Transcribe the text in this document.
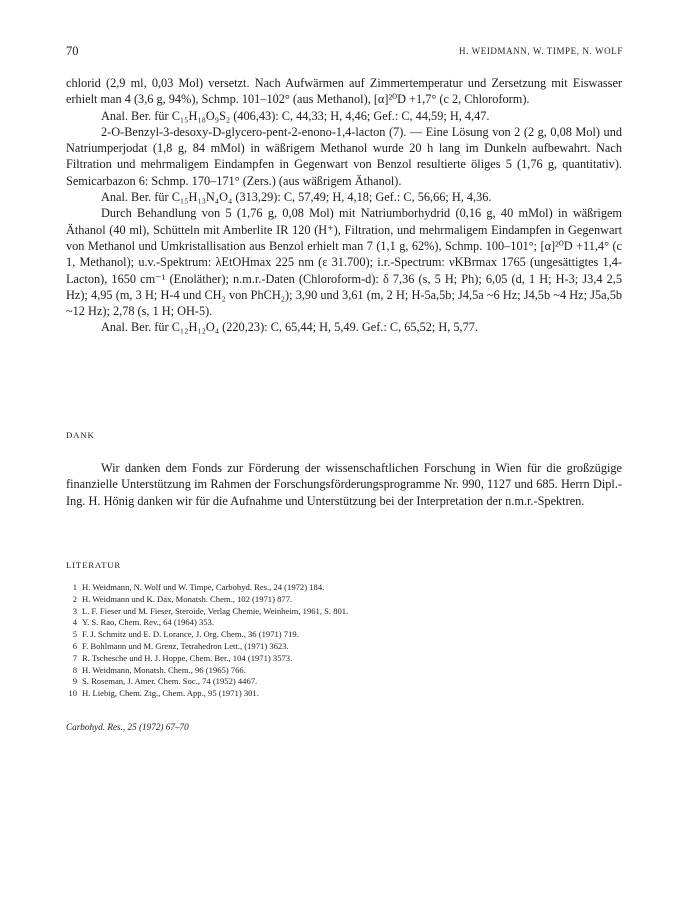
70	H. WEIDMANN, W. TIMPE, N. WOLF

chlorid (2,9 ml, 0,03 Mol) versetzt. Nach Aufwärmen auf Zimmertemperatur und Zersetzung mit Eiswasser erhielt man 4 (3,6 g, 94%), Schmp. 101–102° (aus Methanol), [α]²⁰D +1,7° (c 2, Chloroform).

Anal. Ber. für C₁₅H₁₈O₉S₂ (406,43): C, 44,33; H, 4,46; Gef.: C, 44,59; H, 4,47.

2-O-Benzyl-3-desoxy-D-glycero-pent-2-enono-1,4-lacton (7). — Eine Lösung von 2 (2 g, 0,08 Mol) und Natriumperjodat (1,8 g, 84 mMol) in wäßrigem Methanol wurde 20 h lang im Dunkeln aufbewahrt. Nach Filtration und mehrmaligem Eindampfen in Gegenwart von Benzol resultierte öliges 5 (1,76 g, quantitativ). Semicarbazon 6: Schmp. 170–171° (Zers.) (aus wäßrigem Äthanol).

Anal. Ber. für C₁₅H₁₃N₄O₄ (313,29): C, 57,49; H, 4,18; Gef.: C, 56,66; H, 4,36.

Durch Behandlung von 5 (1,76 g, 0,08 Mol) mit Natriumborhydrid (0,16 g, 40 mMol) in wäßrigem Äthanol (40 ml), Schütteln mit Amberlite IR 120 (H⁺), Filtration, und mehrmaligem Eindampfen in Gegenwart von Methanol und Umkristallisation aus Benzol erhielt man 7 (1,1 g, 62%), Schmp. 100–101°; [α]²⁰D +11,4° (c 1, Methanol); u.v.-Spektrum: λEtOHmax 225 nm (ε 31.700); i.r.-Spectrum: νKBrmax 1765 (ungesättigtes 1,4-Lacton), 1650 cm⁻¹ (Enoläther); n.m.r.-Daten (Chloroform-d): δ 7,36 (s, 5 H; Ph); 6,05 (d, 1 H; H-3; J3,4 2,5 Hz); 4,95 (m, 3 H; H-4 und CH₂ von PhCH₂); 3,90 und 3,61 (m, 2 H; H-5a,5b; J4,5a ~6 Hz; J4,5b ~4 Hz; J5a,5b ~12 Hz); 2,78 (s, 1 H; OH-5).

Anal. Ber. für C₁₂H₁₂O₄ (220,23): C, 65,44; H, 5,49. Gef.: C, 65,52; H, 5,77.

DANK

Wir danken dem Fonds zur Förderung der wissenschaftlichen Forschung in Wien für die großzügige finanzielle Unterstützung im Rahmen der Forschungsförderungsprogramme Nr. 990, 1127 und 685. Herrn Dipl.-Ing. H. Hönig danken wir für die Aufnahme und Unterstützung bei der Interpretation der n.m.r.-Spektren.

LITERATUR
1 H. Weidmann, N. Wolf und W. Timpe, Carbohyd. Res., 24 (1972) 184.
2 H. Weidmann und K. Dax, Monatsh. Chem., 102 (1971) 877.
3 L. F. Fieser und M. Fieser, Steroide, Verlag Chemie, Weinheim, 1961, S. 801.
4 Y. S. Rao, Chem. Rev., 64 (1964) 353.
5 F. J. Schmitz und E. D. Lorance, J. Org. Chem., 36 (1971) 719.
6 F. Bohlmann und M. Grenz, Tetrahedron Lett., (1971) 3623.
7 R. Tschesche und H. J. Hoppe, Chem. Ber., 104 (1971) 3573.
8 H. Weidmann, Monatsh. Chem., 96 (1965) 766.
9 S. Roseman, J. Amer. Chem. Soc., 74 (1952) 4467.
10 H. Liebig, Chem. Ztg., Chem. App., 95 (1971) 301.
Carbohyd. Res., 25 (1972) 67–70
